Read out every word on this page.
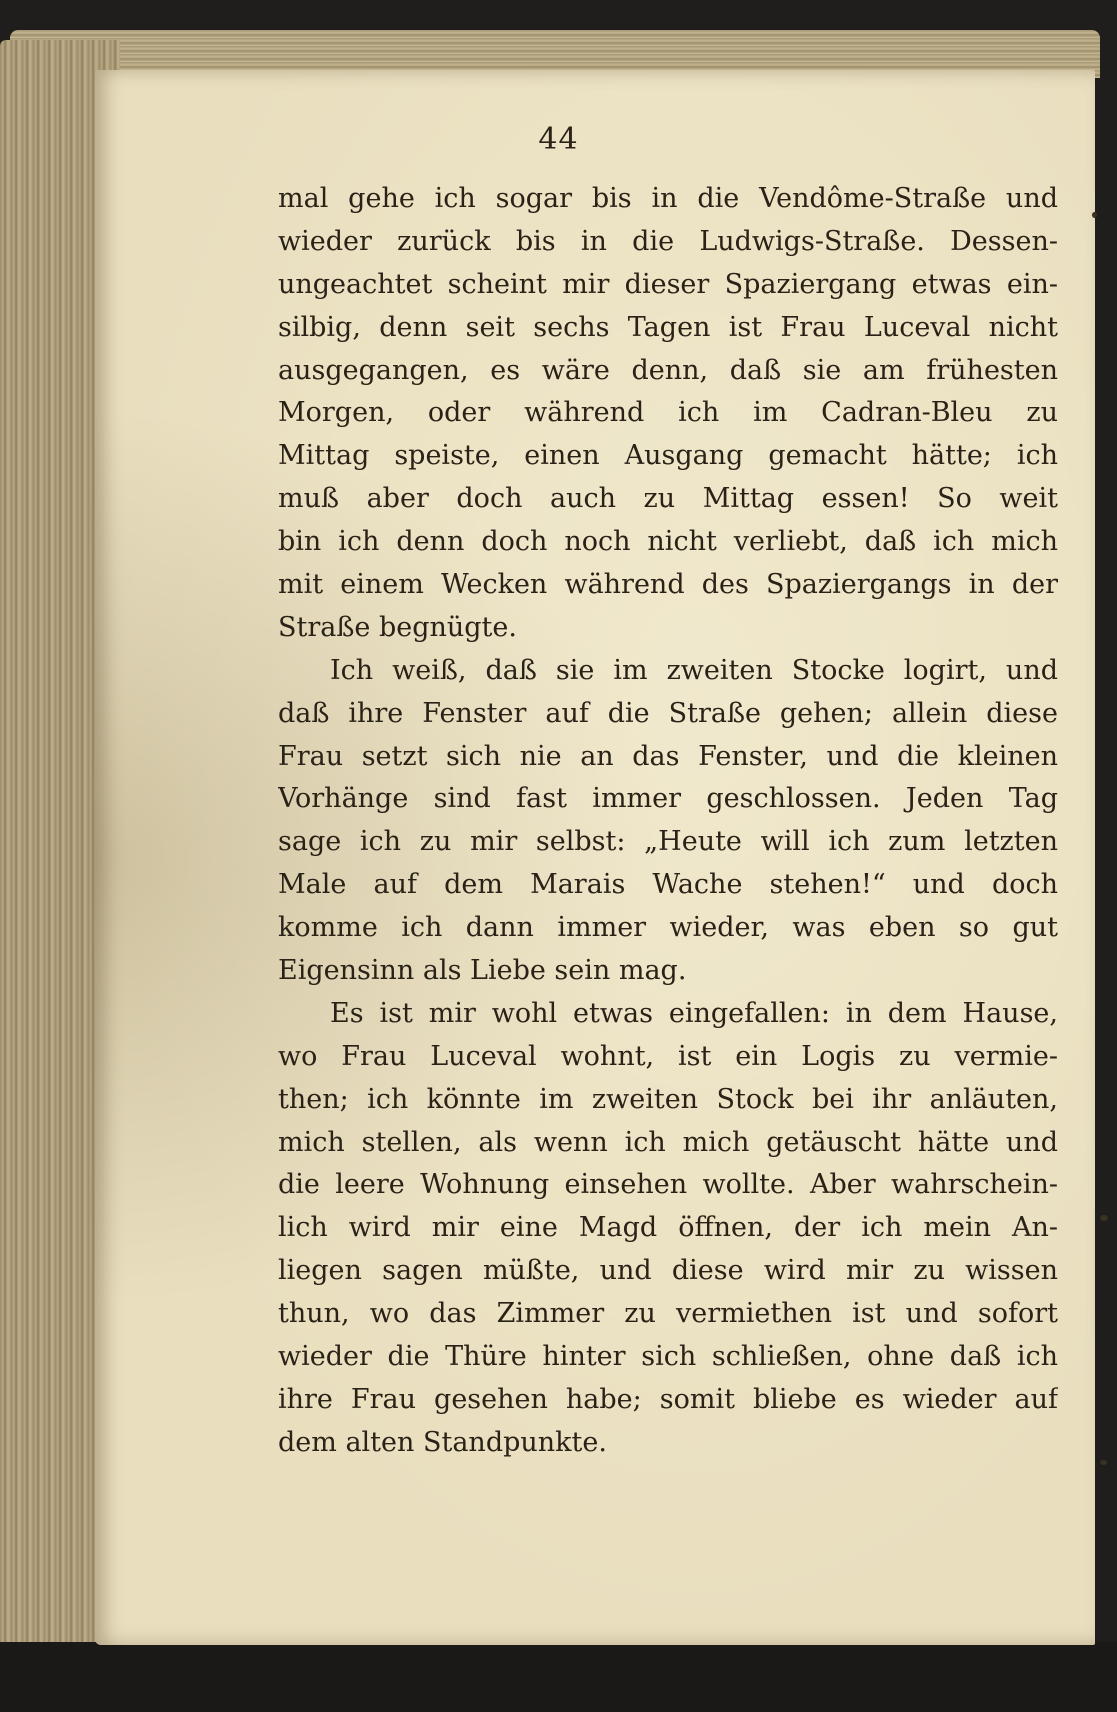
44
mal gehe ich sogar bis in die Vendôme-Straße und
wieder zurück bis in die Ludwigs-Straße. Dessen-
ungeachtet scheint mir dieser Spaziergang etwas ein-
silbig, denn seit sechs Tagen ist Frau Luceval nicht
ausgegangen, es wäre denn, daß sie am frühesten
Morgen, oder während ich im Cadran-Bleu zu
Mittag speiste, einen Ausgang gemacht hätte; ich
muß aber doch auch zu Mittag essen! So weit
bin ich denn doch noch nicht verliebt, daß ich mich
mit einem Wecken während des Spaziergangs in der
Straße begnügte.
Ich weiß, daß sie im zweiten Stocke logirt, und
daß ihre Fenster auf die Straße gehen; allein diese
Frau setzt sich nie an das Fenster, und die kleinen
Vorhänge sind fast immer geschlossen. Jeden Tag
sage ich zu mir selbst: „Heute will ich zum letzten
Male auf dem Marais Wache stehen!“ und doch
komme ich dann immer wieder, was eben so gut
Eigensinn als Liebe sein mag.
Es ist mir wohl etwas eingefallen: in dem Hause,
wo Frau Luceval wohnt, ist ein Logis zu vermie-
then; ich könnte im zweiten Stock bei ihr anläuten,
mich stellen, als wenn ich mich getäuscht hätte und
die leere Wohnung einsehen wollte. Aber wahrschein-
lich wird mir eine Magd öffnen, der ich mein An-
liegen sagen müßte, und diese wird mir zu wissen
thun, wo das Zimmer zu vermiethen ist und sofort
wieder die Thüre hinter sich schließen, ohne daß ich
ihre Frau gesehen habe; somit bliebe es wieder auf
dem alten Standpunkte.
